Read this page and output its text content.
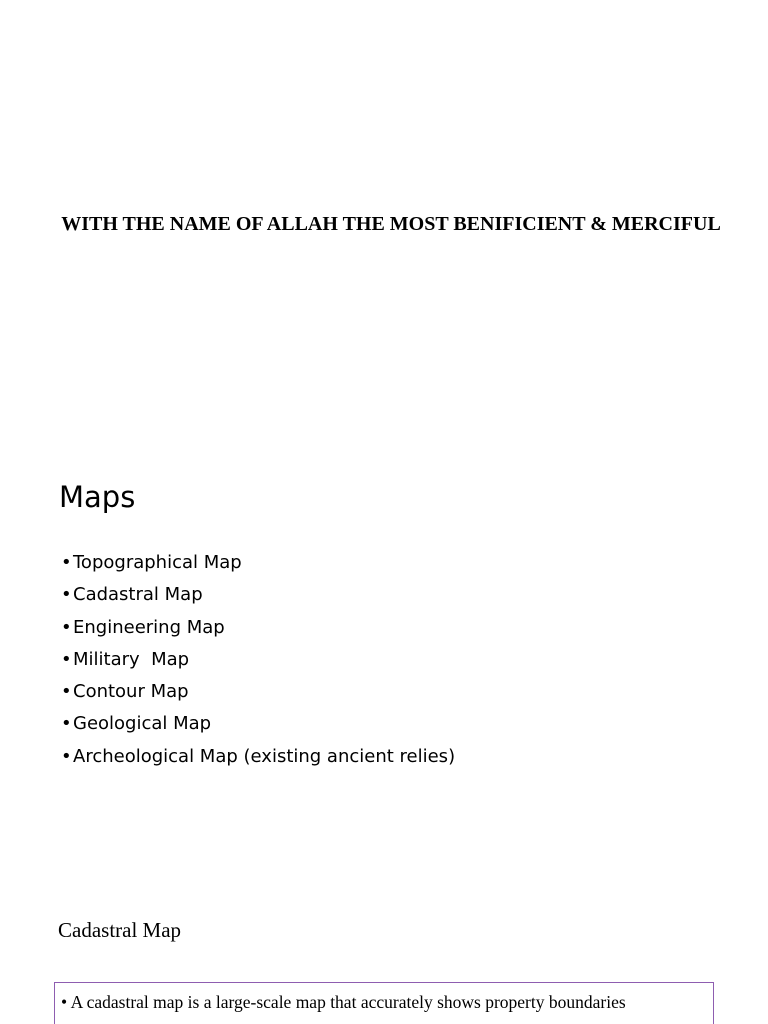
WITH THE NAME OF ALLAH THE MOST BENIFICIENT & MERCIFUL
Maps
•Topographical Map
•Cadastral Map
•Engineering Map
•Military  Map
•Contour Map
•Geological Map
•Archeological Map (existing ancient relies)
Cadastral Map
• A cadastral map is a large-scale map that accurately shows property boundaries
